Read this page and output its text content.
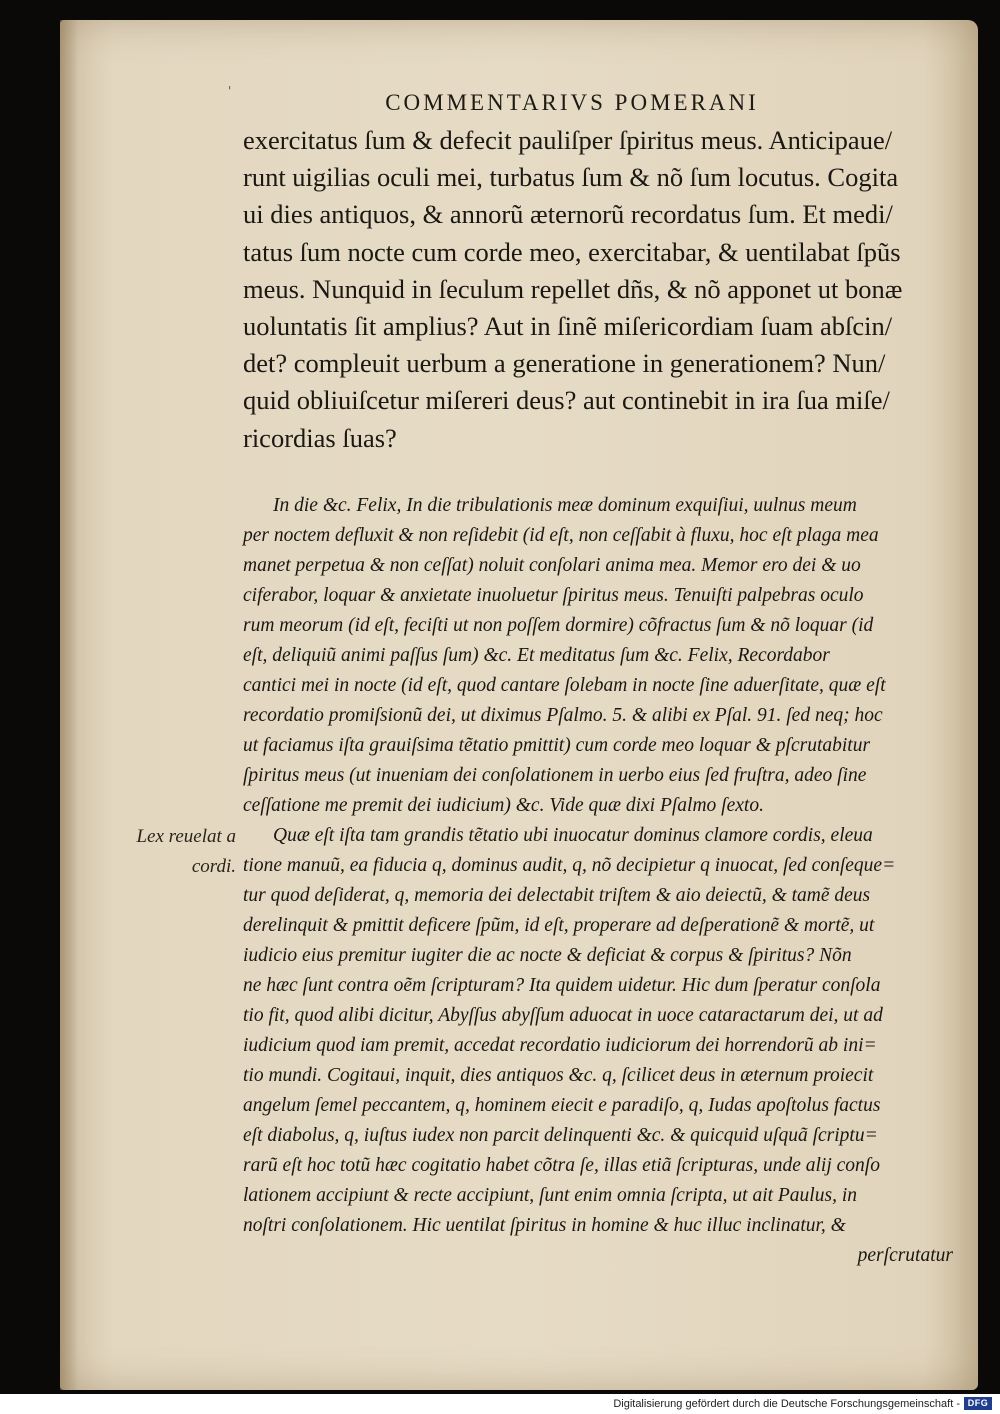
'	COMMENTARIVS POMERANI
exercitatus ſum & defecit pauliſper ſpiritus meus. Anticipaue/
runt uigilias oculi mei, turbatus ſum & nõ ſum locutus. Cogita
ui dies antiquos, & annorũ æternorũ recordatus ſum. Et medi/
tatus ſum nocte cum corde meo, exercitabar, & uentilabat ſpũs
meus. Nunquid in ſeculum repellet dñs, & nõ apponet ut bonæ
uoluntatis ſit amplius? Aut in ſinẽ miſericordiam ſuam abſcin/
det? compleuit uerbum a generatione in generationem? Nun/
quid obliuiſcetur miſereri deus? aut continebit in ira ſua miſe/
ricordias ſuas?
In die &c. Felix, In die tribulationis meæ dominum exquiſiui, uulnus meum
per noctem defluxit & non reſidebit (id eſt, non ceſſabit à fluxu, hoc eſt plaga mea
manet perpetua & non ceſſat) noluit conſolari anima mea. Memor ero dei & uo
ciferabor, loquar & anxietate inuoluetur ſpiritus meus. Tenuiſti palpebras oculo
rum meorum (id eſt, feciſti ut non poſſem dormire) cõfractus ſum & nõ loquar (id
eſt, deliquiũ animi paſſus ſum) &c. Et meditatus ſum &c. Felix, Recordabor
cantici mei in nocte (id eſt, quod cantare ſolebam in nocte ſine aduerſitate, quæ eſt
recordatio promiſsionũ dei, ut diximus Pſalmo. 5. & alibi ex Pſal. 91. ſed neq; hoc
ut faciamus iſta grauiſsima tẽtatio pmittit) cum corde meo loquar & pſcrutabitur
ſpiritus meus (ut inueniam dei conſolationem in uerbo eius ſed fruſtra, adeo ſine
ceſſatione me premit dei iudicium) &c. Vide quæ dixi Pſalmo ſexto.
Quæ eſt iſta tam grandis tẽtatio ubi inuocatur dominus clamore cordis, eleua
tione manuũ, ea fiducia q, dominus audit, q, nõ decipietur q inuocat, ſed conſeque=
tur quod deſiderat, q, memoria dei delectabit triſtem & aio deiectũ, & tamẽ deus
derelinquit & pmittit deficere ſpũm, id eſt, properare ad deſperationẽ & mortẽ, ut
iudicio eius premitur iugiter die ac nocte & deficiat & corpus & ſpiritus? Nõn
ne hæc ſunt contra oẽm ſcripturam? Ita quidem uidetur. Hic dum ſperatur conſola
tio fit, quod alibi dicitur, Abyſſus abyſſum aduocat in uoce cataractarum dei, ut ad
iudicium quod iam premit, accedat recordatio iudiciorum dei horrendorũ ab ini=
tio mundi. Cogitaui, inquit, dies antiquos &c. q, ſcilicet deus in æternum proiecit
angelum ſemel peccantem, q, hominem eiecit e paradiſo, q, Iudas apoſtolus factus
eſt diabolus, q, iuſtus iudex non parcit delinquenti &c. & quicquid uſquã ſcriptu=
rarũ eſt hoc totũ hæc cogitatio habet cõtra ſe, illas etiã ſcripturas, unde alij conſo
lationem accipiunt & recte accipiunt, ſunt enim omnia ſcripta, ut ait Paulus, in
noſtri conſolationem. Hic uentilat ſpiritus in homine & huc illuc inclinatur, &
perſcrutatur
Lex reuelat a
cordi.
Digitalisierung gefördert durch die Deutsche Forschungsgemeinschaft - DFG
